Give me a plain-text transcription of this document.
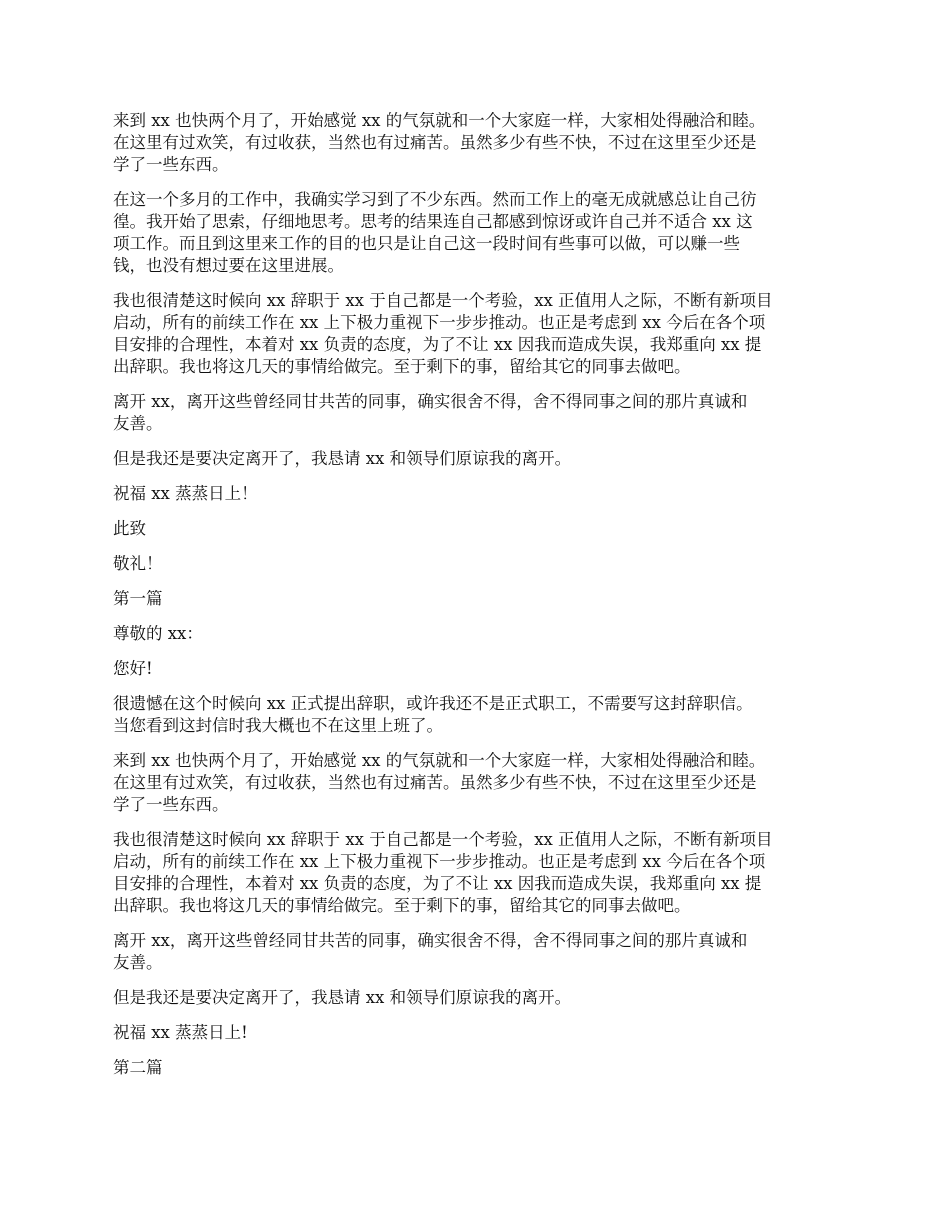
来到 xx 也快两个月了，开始感觉 xx 的气氛就和一个大家庭一样，大家相处得融洽和睦。
在这里有过欢笑，有过收获，当然也有过痛苦。虽然多少有些不快，不过在这里至少还是
学了一些东西。

在这一个多月的工作中，我确实学习到了不少东西。然而工作上的毫无成就感总让自己彷
徨。我开始了思索，仔细地思考。思考的结果连自己都感到惊讶或许自己并不适合 xx 这
项工作。而且到这里来工作的目的也只是让自己这一段时间有些事可以做，可以赚一些
钱，也没有想过要在这里进展。

我也很清楚这时候向 xx 辞职于 xx 于自己都是一个考验，xx 正值用人之际，不断有新项目
启动，所有的前续工作在 xx 上下极力重视下一步步推动。也正是考虑到 xx 今后在各个项
目安排的合理性，本着对 xx 负责的态度，为了不让 xx 因我而造成失误，我郑重向 xx 提
出辞职。我也将这几天的事情给做完。至于剩下的事，留给其它的同事去做吧。

离开 xx，离开这些曾经同甘共苦的同事，确实很舍不得，舍不得同事之间的那片真诚和
友善。

但是我还是要决定离开了，我恳请 xx 和领导们原谅我的离开。

祝福 xx 蒸蒸日上！

此致

敬礼！

第一篇

尊敬的 xx：

您好!

很遗憾在这个时候向 xx 正式提出辞职，或许我还不是正式职工，不需要写这封辞职信。
当您看到这封信时我大概也不在这里上班了。

来到 xx 也快两个月了，开始感觉 xx 的气氛就和一个大家庭一样，大家相处得融洽和睦。
在这里有过欢笑，有过收获，当然也有过痛苦。虽然多少有些不快，不过在这里至少还是
学了一些东西。

我也很清楚这时候向 xx 辞职于 xx 于自己都是一个考验，xx 正值用人之际，不断有新项目
启动，所有的前续工作在 xx 上下极力重视下一步步推动。也正是考虑到 xx 今后在各个项
目安排的合理性，本着对 xx 负责的态度，为了不让 xx 因我而造成失误，我郑重向 xx 提
出辞职。我也将这几天的事情给做完。至于剩下的事，留给其它的同事去做吧。

离开 xx，离开这些曾经同甘共苦的同事，确实很舍不得，舍不得同事之间的那片真诚和
友善。

但是我还是要决定离开了，我恳请 xx 和领导们原谅我的离开。

祝福 xx 蒸蒸日上!

第二篇
